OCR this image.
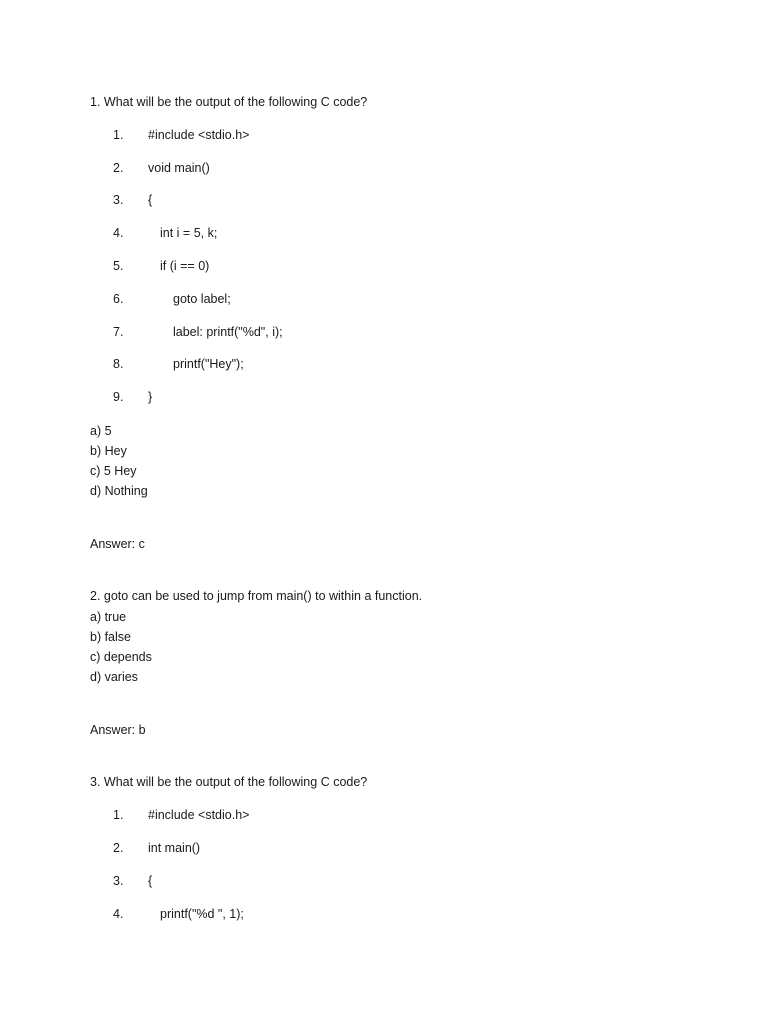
1. What will be the output of the following C code?
1. #include <stdio.h>
2. void main()
3. {
4.	int i = 5, k;
5.	if (i == 0)
6.	goto label;
7.	label: printf("%d", i);
8.	printf("Hey");
9. }
a) 5
b) Hey
c) 5 Hey
d) Nothing
Answer: c
2. goto can be used to jump from main() to within a function.
a) true
b) false
c) depends
d) varies
Answer: b
3. What will be the output of the following C code?
1. #include <stdio.h>
2. int main()
3. {
4.	printf("%d ", 1);
